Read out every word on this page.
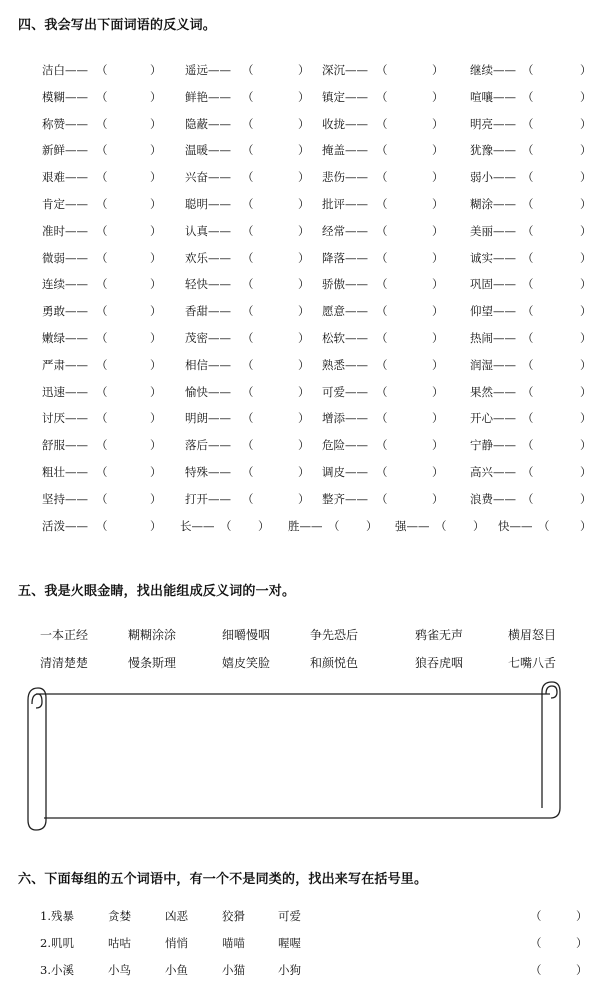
四、我会写出下面词语的反义词。
洁白—— （	） 遥远—— （	） 深沉—— （	） 继续—— （	）
模糊—— （	） 鲜艳—— （	） 镇定—— （	） 喧嚷—— （	）
称赞—— （	） 隐蔽—— （	） 收拢—— （	） 明亮—— （	）
新鲜—— （	） 温暖—— （	） 掩盖—— （	） 犹豫—— （	）
艰难—— （	） 兴奋—— （	） 悲伤—— （	） 弱小—— （	）
肯定—— （	） 聪明—— （	） 批评—— （	） 糊涂—— （	）
准时—— （	） 认真—— （	） 经常—— （	） 美丽—— （	）
微弱—— （	） 欢乐—— （	） 降落—— （	） 诚实—— （	）
连续—— （	） 轻快—— （	） 骄傲—— （	） 巩固—— （	）
勇敢—— （	） 香甜—— （	） 愿意—— （	） 仰望—— （	）
嫩绿—— （	） 茂密—— （	） 松软—— （	） 热闹—— （	）
严肃—— （	） 相信—— （	） 熟悉—— （	） 润湿—— （	）
迅速—— （	） 愉快—— （	） 可爱—— （	） 果然—— （	）
讨厌—— （	） 明朗—— （	） 增添—— （	） 开心—— （	）
舒服—— （	） 落后—— （	） 危险—— （	） 宁静—— （	）
粗壮—— （	） 特殊—— （	） 调皮—— （	） 高兴—— （	）
坚持—— （	） 打开—— （	） 整齐—— （	） 浪费—— （	）
活泼—— （	） 长—— （ ） 胜—— （ ） 强—— （ ） 快—— （	）
五、我是火眼金睛，找出能组成反义词的一对。
一本正经	糊糊涂涂	细嚼慢咽	争先恐后	鸦雀无声	横眉怒目
清清楚楚	慢条斯理	嬉皮笑脸	和颜悦色	狼吞虎咽	七嘴八舌
六、下面每组的五个词语中，有一个不是同类的，找出来写在括号里。
1.残暴	贪婪	凶恶	狡猾	可爱	（	）
2.叽叽	咕咕	悄悄	喵喵	喔喔	（	）
3.小溪	小鸟	小鱼	小猫	小狗	（	）
